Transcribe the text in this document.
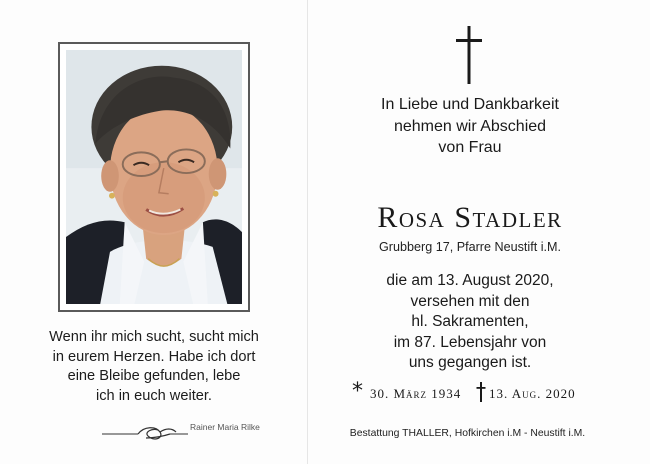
Wenn ihr mich sucht, sucht mich
in eurem Herzen. Habe ich dort
eine Bleibe gefunden, lebe
ich in euch weiter.
Rainer Maria Rilke
In Liebe und Dankbarkeit
nehmen wir Abschied
von Frau
Rosa Stadler
Grubberg 17, Pfarre Neustift i.M.
die am 13. August 2020,
versehen mit den
hl. Sakramenten,
im 87. Lebensjahr von
uns gegangen ist.
* 30. März 1934 13. Aug. 2020
Bestattung THALLER, Hofkirchen i.M - Neustift i.M.
